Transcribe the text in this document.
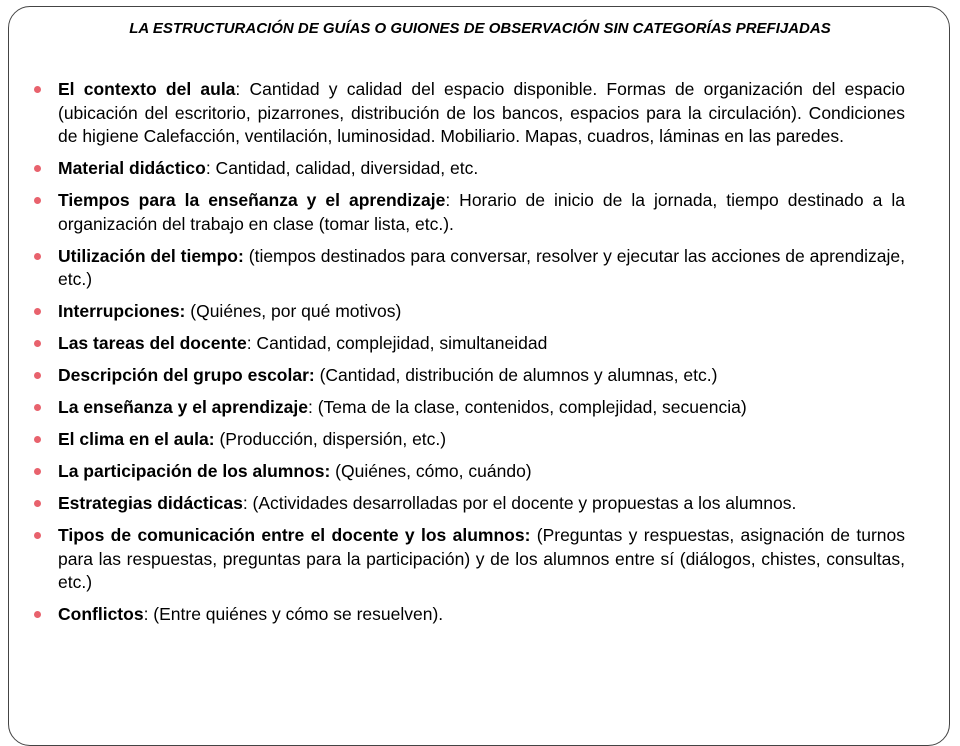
LA ESTRUCTURACIÓN DE GUÍAS O GUIONES DE OBSERVACIÓN SIN CATEGORÍAS PREFIJADAS
El contexto del aula: Cantidad y calidad del espacio disponible. Formas de organización del espacio (ubicación del escritorio, pizarrones, distribución de los bancos, espacios para la circulación). Condiciones de higiene Calefacción, ventilación, luminosidad. Mobiliario. Mapas, cuadros, láminas en las paredes.
Material didáctico: Cantidad, calidad, diversidad, etc.
Tiempos para la enseñanza y el aprendizaje: Horario de inicio de la jornada, tiempo destinado a la organización del trabajo en clase (tomar lista, etc.).
Utilización del tiempo: (tiempos destinados para conversar, resolver y ejecutar las acciones de aprendizaje, etc.)
Interrupciones: (Quiénes, por qué motivos)
Las tareas del docente: Cantidad, complejidad, simultaneidad
Descripción del grupo escolar: (Cantidad, distribución de alumnos y alumnas, etc.)
La enseñanza y el aprendizaje: (Tema de la clase, contenidos, complejidad, secuencia)
El clima en el aula: (Producción, dispersión, etc.)
La participación de los alumnos: (Quiénes, cómo, cuándo)
Estrategias didácticas: (Actividades desarrolladas por el docente y propuestas a los alumnos.
Tipos de comunicación entre el docente y los alumnos: (Preguntas y respuestas, asignación de turnos para las respuestas, preguntas para la participación) y de los alumnos entre sí (diálogos, chistes, consultas, etc.)
Conflictos: (Entre quiénes y cómo se resuelven).
